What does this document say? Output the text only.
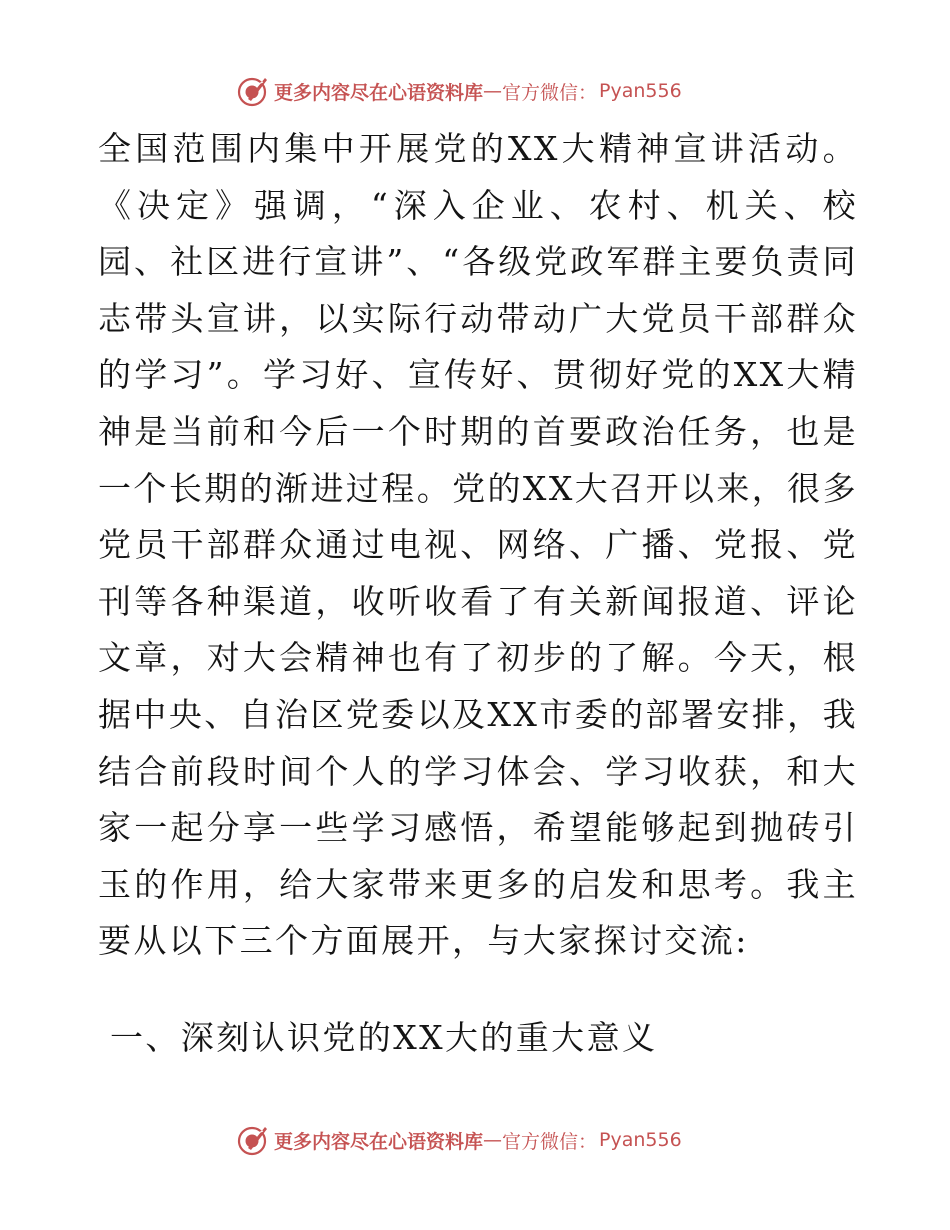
更多内容尽在心语资料库 — 官方微信： Pyan556

全国范围内集中开展党的XX大精神宣讲活动。《决定》强调，“深入企业、农村、机关、校园、社区进行宣讲”、“各级党政军群主要负责同志带头宣讲，以实际行动带动广大党员干部群众的学习”。学习好、宣传好、贯彻好党的XX大精神是当前和今后一个时期的首要政治任务，也是一个长期的渐进过程。党的XX大召开以来，很多党员干部群众通过电视、网络、广播、党报、党刊等各种渠道，收听收看了有关新闻报道、评论文章，对大会精神也有了初步的了解。今天，根据中央、自治区党委以及XX市委的部署安排，我结合前段时间个人的学习体会、学习收获，和大家一起分享一些学习感悟，希望能够起到抛砖引玉的作用，给大家带来更多的启发和思考。我主要从以下三个方面展开，与大家探讨交流:

一、深刻认识党的XX大的重大意义
更多内容尽在心语资料库 — 官方微信： Pyan556
